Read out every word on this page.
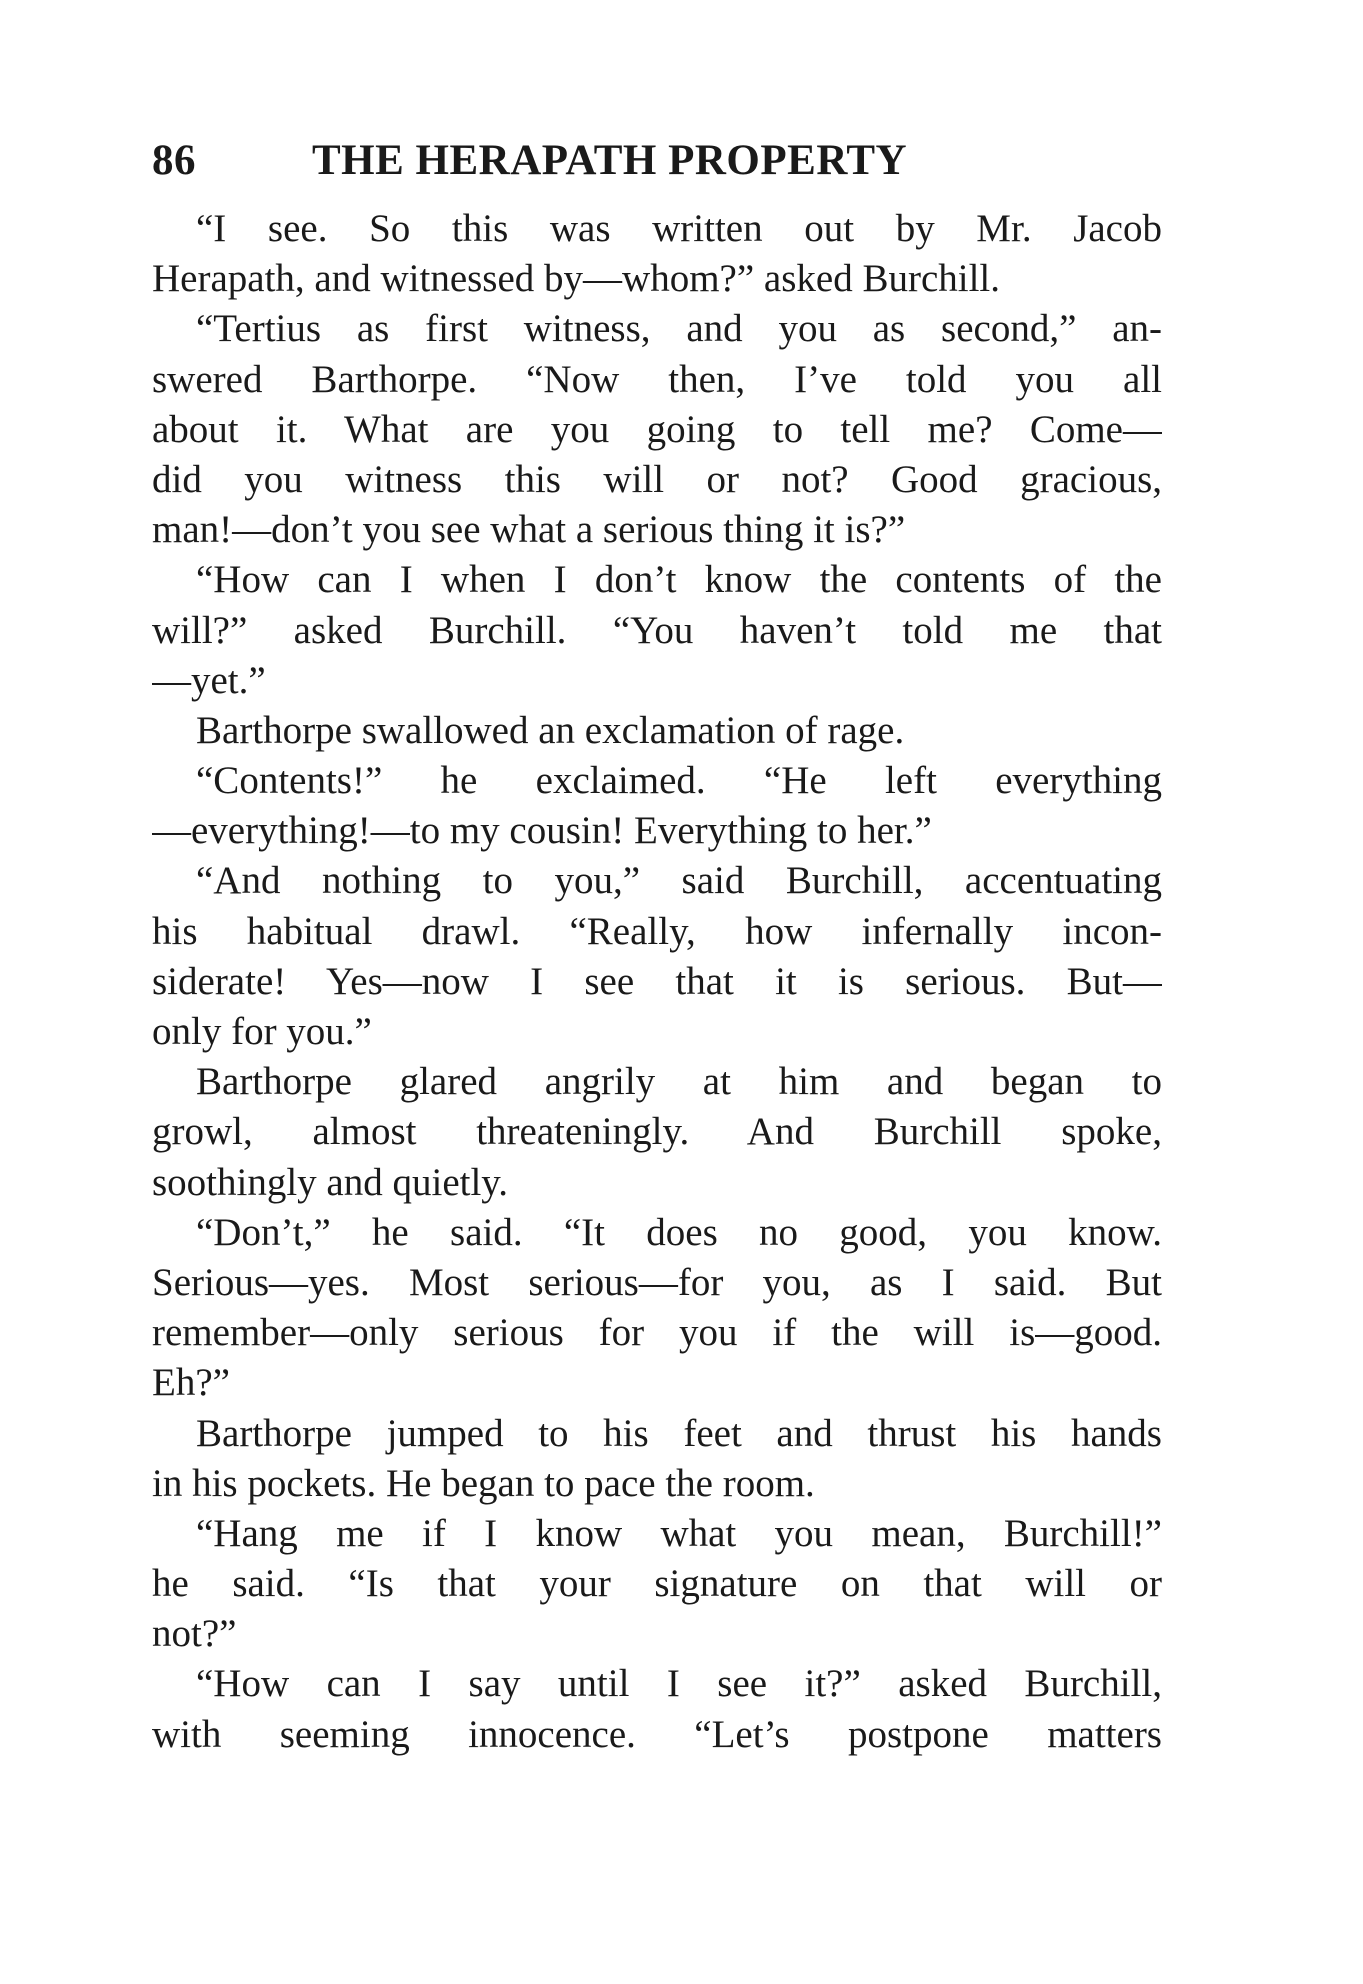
86	THE HERAPATH PROPERTY
“I see. So this was written out by Mr. Jacob
Herapath, and witnessed by—whom?” asked Burchill.
“Tertius as first witness, and you as second,” an-
swered Barthorpe. “Now then, I’ve told you all
about it. What are you going to tell me? Come—
did you witness this will or not? Good gracious,
man!—don’t you see what a serious thing it is?”
“How can I when I don’t know the contents of the
will?” asked Burchill. “You haven’t told me that
—yet.”
Barthorpe swallowed an exclamation of rage.
“Contents!” he exclaimed. “He left everything
—everything!—to my cousin! Everything to her.”
“And nothing to you,” said Burchill, accentuating
his habitual drawl. “Really, how infernally incon-
siderate! Yes—now I see that it is serious. But—
only for you.”
Barthorpe glared angrily at him and began to
growl, almost threateningly. And Burchill spoke,
soothingly and quietly.
“Don’t,” he said. “It does no good, you know.
Serious—yes. Most serious—for you, as I said. But
remember—only serious for you if the will is—good.
Eh?”
Barthorpe jumped to his feet and thrust his hands
in his pockets. He began to pace the room.
“Hang me if I know what you mean, Burchill!”
he said. “Is that your signature on that will or
not?”
“How can I say until I see it?” asked Burchill,
with seeming innocence. “Let’s postpone matters
